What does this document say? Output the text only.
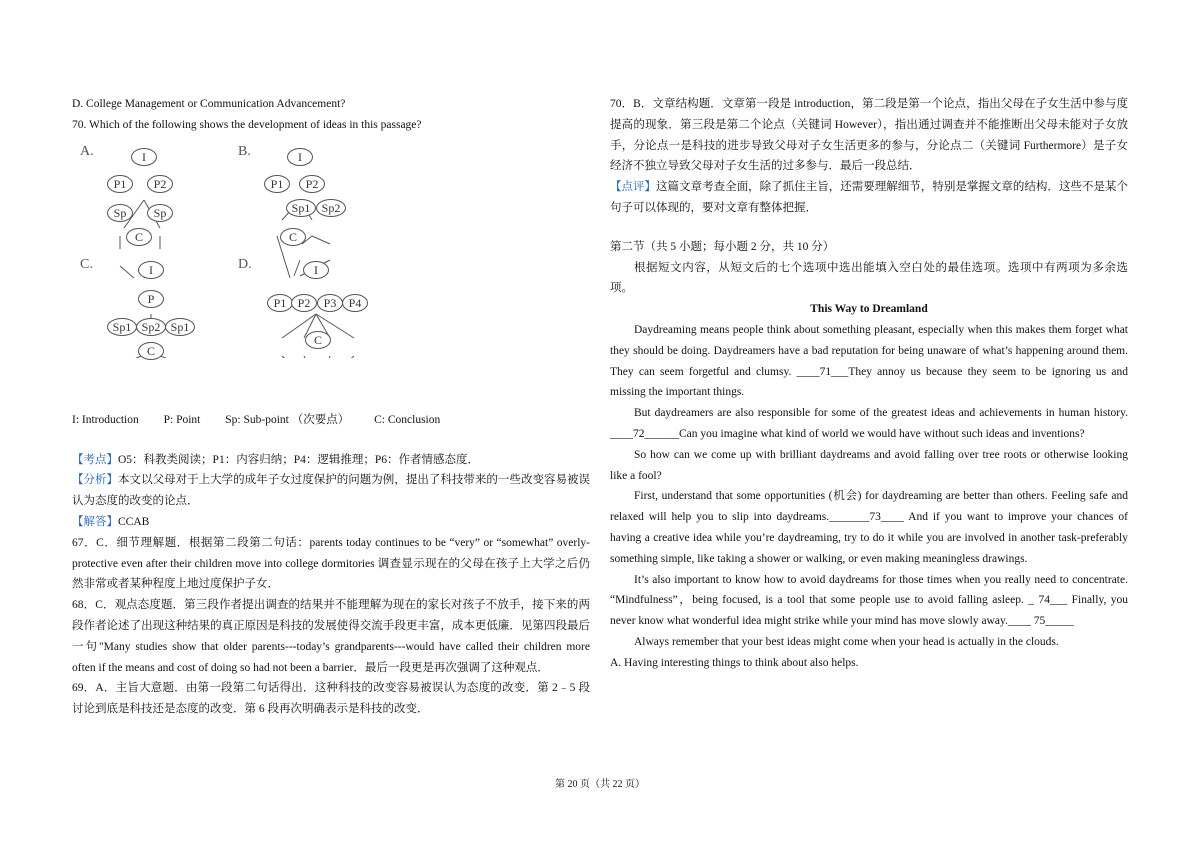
D. College Management or Communication Advancement?

70. Which of the following shows the development of ideas in this passage?

A.	I
P1	P2
Sp	Sp
C
B.	I
P1	P2
Sp1 Sp2
C
C.	I
P
Sp1 Sp2 Sp1
C
D.	I
P1 P2	P3	P4
C
I: Introduction P: Point Sp: Sub-point （次要点） C: Conclusion

【考点】O5：科教类阅读；P1：内容归纳；P4：逻辑推理；P6：作者情感态度．

【分析】本文以父母对于上大学的成年子女过度保护的问题为例，提出了科技带来的一些改变容易被误认为态度的改变的论点．

【解答】CCAB

67．C．细节理解题．根据第二段第二句话：parents today continues to be “very” or “somewhat” overly-protective even after their children move into college dormitories 调查显示现在的父母在孩子上大学之后仍然非常或者某种程度上地过度保护子女．

68．C．观点态度题．第三段作者提出调查的结果并不能理解为现在的家长对孩子不放手，接下来的两段作者论述了出现这种结果的真正原因是科技的发展使得交流手段更丰富，成本更低廉．见第四段最后一句"Many studies show that older parents---today’s grandparents---would have called their children more often if the means and cost of doing so had not been a barrier．最后一段更是再次强调了这种观点．

69．A．主旨大意题．由第一段第二句话得出．这种科技的改变容易被误认为态度的改变．第 2﹣5 段讨论到底是科技还是态度的改变．第 6 段再次明确表示是科技的改变．

70．B．文章结构题．文章第一段是 introduction，第二段是第一个论点，指出父母在子女生活中参与度提高的现象．第三段是第二个论点（关键词 However），指出通过调查并不能推断出父母未能对子女放手，分论点一是科技的进步导致父母对子女生活更多的参与，分论点二（关键词 Furthermore）是子女经济不独立导致父母对子女生活的过多参与．最后一段总结．

【点评】这篇文章考查全面，除了抓住主旨，还需要理解细节，特别是掌握文章的结构．这些不是某个句子可以体现的，要对文章有整体把握．

第二节（共 5 小题；每小题 2 分，共 10 分）

根据短文内容，从短文后的七个选项中选出能填入空白处的最佳选项。选项中有两项为多余选项。

This Way to Dreamland

Daydreaming means people think about something pleasant, especially when this makes them forget what they should be doing. Daydreamers have a bad reputation for being unaware of what’s happening around them. They can seem forgetful and clumsy. ____71___They annoy us because they seem to be ignoring us and missing the important things.

But daydreamers are also responsible for some of the greatest ideas and achievements in human history. ____72______Can you imagine what kind of world we would have without such ideas and inventions?

So how can we come up with brilliant daydreams and avoid falling over tree roots or otherwise looking like a fool?

First, understand that some opportunities (机会) for daydreaming are better than others. Feeling safe and relaxed will help you to slip into daydreams._______73____ And if you want to improve your chances of having a creative idea while you’re daydreaming, try to do it while you are involved in another task-preferably something simple, like taking a shower or walking, or even making meaningless drawings.

It’s also important to know how to avoid daydreams for those times when you really need to concentrate. “Mindfulness”，being focused, is a tool that some people use to avoid falling asleep. _ 74___ Finally, you never know what wonderful idea might strike while your mind has move slowly away.____ 75_____

Always remember that your best ideas might come when your head is actually in the clouds.

A. Having interesting things to think about also helps.

第 20 页（共 22 页）
